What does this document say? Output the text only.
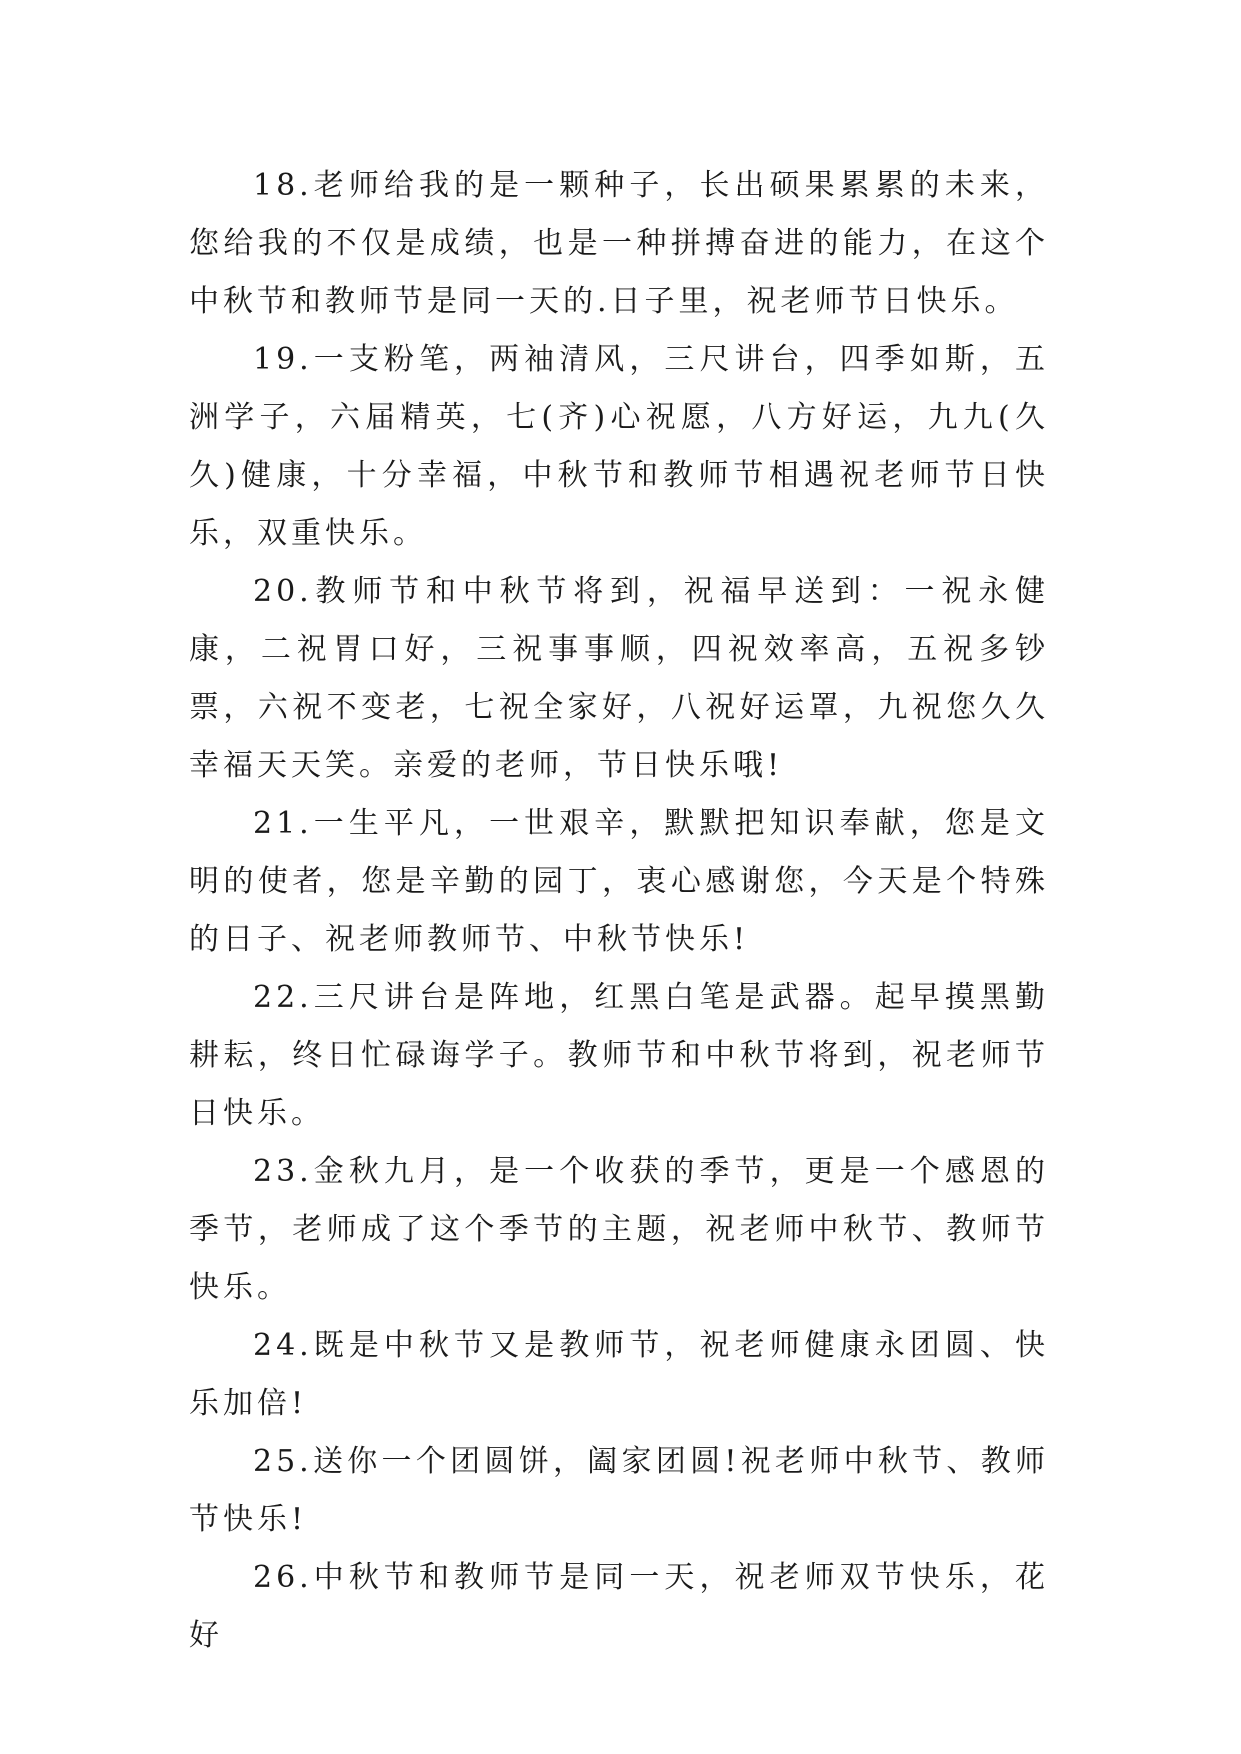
18.老师给我的是一颗种子，长出硕果累累的未来，您给我的不仅是成绩，也是一种拼搏奋进的能力，在这个中秋节和教师节是同一天的.日子里，祝老师节日快乐。

19.一支粉笔，两袖清风，三尺讲台，四季如斯，五洲学子，六届精英，七(齐)心祝愿，八方好运，九九(久久)健康，十分幸福，中秋节和教师节相遇祝老师节日快乐，双重快乐。

20.教师节和中秋节将到，祝福早送到：一祝永健康，二祝胃口好，三祝事事顺，四祝效率高，五祝多钞票，六祝不变老，七祝全家好，八祝好运罩，九祝您久久幸福天天笑。亲爱的老师，节日快乐哦!

21.一生平凡，一世艰辛，默默把知识奉献，您是文明的使者，您是辛勤的园丁，衷心感谢您，今天是个特殊的日子、祝老师教师节、中秋节快乐!

22.三尺讲台是阵地，红黑白笔是武器。起早摸黑勤耕耘，终日忙碌诲学子。教师节和中秋节将到，祝老师节日快乐。

23.金秋九月，是一个收获的季节，更是一个感恩的季节，老师成了这个季节的主题，祝老师中秋节、教师节快乐。

24.既是中秋节又是教师节，祝老师健康永团圆、快乐加倍!

25.送你一个团圆饼，阖家团圆!祝老师中秋节、教师节快乐!

26.中秋节和教师节是同一天，祝老师双节快乐，花好
